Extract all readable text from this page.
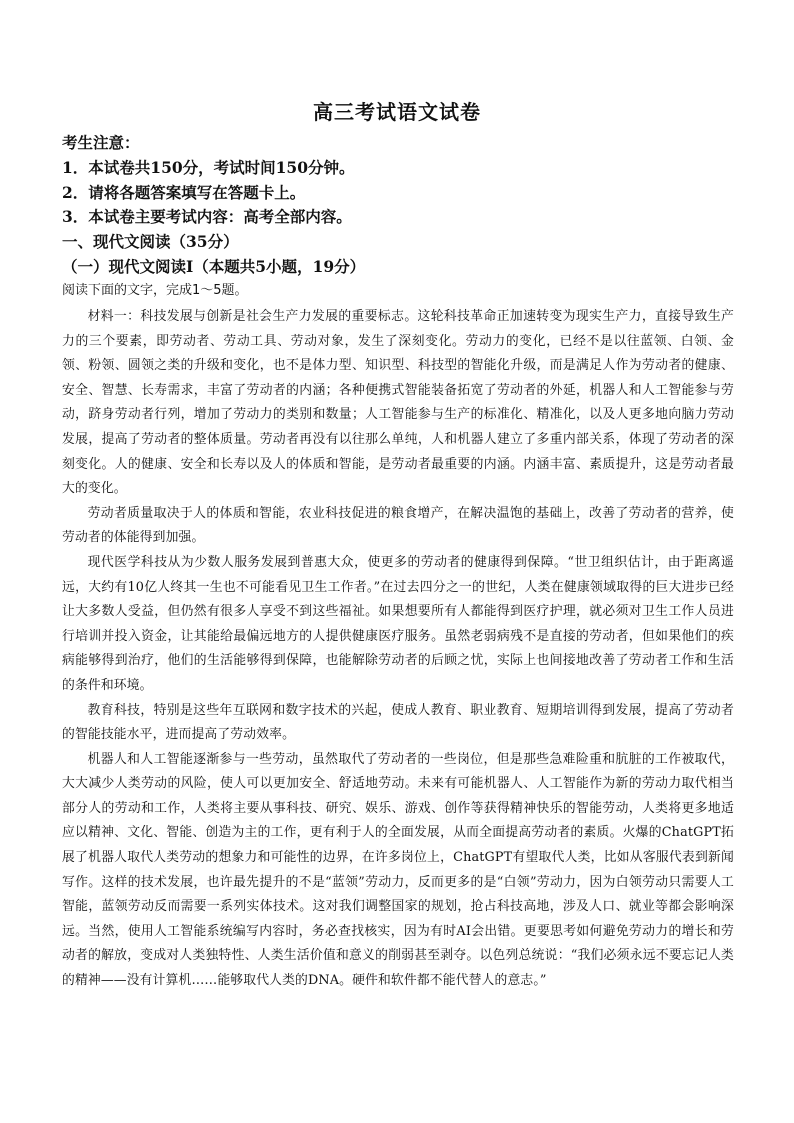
高三考试语文试卷
考生注意：
1．本试卷共150分，考试时间150分钟。
2．请将各题答案填写在答题卡上。
3．本试卷主要考试内容：高考全部内容。
一、现代文阅读（35分）
（一）现代文阅读Ⅰ（本题共5小题，19分）
阅读下面的文字，完成1～5题。

材料一：科技发展与创新是社会生产力发展的重要标志。这轮科技革命正加速转变为现实生产力，直接导致生产力的三个要素，即劳动者、劳动工具、劳动对象，发生了深刻变化。劳动力的变化，已经不是以往蓝领、白领、金领、粉领、圆领之类的升级和变化，也不是体力型、知识型、科技型的智能化升级，而是满足人作为劳动者的健康、安全、智慧、长寿需求，丰富了劳动者的内涵；各种便携式智能装备拓宽了劳动者的外延，机器人和人工智能参与劳动，跻身劳动者行列，增加了劳动力的类别和数量；人工智能参与生产的标准化、精准化，以及人更多地向脑力劳动发展，提高了劳动者的整体质量。劳动者再没有以往那么单纯，人和机器人建立了多重内部关系，体现了劳动者的深刻变化。人的健康、安全和长寿以及人的体质和智能，是劳动者最重要的内涵。内涵丰富、素质提升，这是劳动者最大的变化。

劳动者质量取决于人的体质和智能，农业科技促进的粮食增产，在解决温饱的基础上，改善了劳动者的营养，使劳动者的体能得到加强。

现代医学科技从为少数人服务发展到普惠大众，使更多的劳动者的健康得到保障。“世卫组织估计，由于距离遥远，大约有10亿人终其一生也不可能看见卫生工作者。”在过去四分之一的世纪，人类在健康领域取得的巨大进步已经让大多数人受益，但仍然有很多人享受不到这些福祉。如果想要所有人都能得到医疗护理，就必须对卫生工作人员进行培训并投入资金，让其能给最偏远地方的人提供健康医疗服务。虽然老弱病残不是直接的劳动者，但如果他们的疾病能够得到治疗，他们的生活能够得到保障，也能解除劳动者的后顾之忧，实际上也间接地改善了劳动者工作和生活的条件和环境。

教育科技，特别是这些年互联网和数字技术的兴起，使成人教育、职业教育、短期培训得到发展，提高了劳动者的智能技能水平，进而提高了劳动效率。

机器人和人工智能逐渐参与一些劳动，虽然取代了劳动者的一些岗位，但是那些急难险重和肮脏的工作被取代，大大减少人类劳动的风险，使人可以更加安全、舒适地劳动。未来有可能机器人、人工智能作为新的劳动力取代相当部分人的劳动和工作，人类将主要从事科技、研究、娱乐、游戏、创作等获得精神快乐的智能劳动，人类将更多地适应以精神、文化、智能、创造为主的工作，更有利于人的全面发展，从而全面提高劳动者的素质。火爆的ChatGPT拓展了机器人取代人类劳动的想象力和可能性的边界，在许多岗位上，ChatGPT有望取代人类，比如从客服代表到新闻写作。这样的技术发展，也许最先提升的不是“蓝领”劳动力，反而更多的是“白领”劳动力，因为白领劳动只需要人工智能，蓝领劳动反而需要一系列实体技术。这对我们调整国家的规划，抢占科技高地，涉及人口、就业等都会影响深远。当然，使用人工智能系统编写内容时，务必查找核实，因为有时AI会出错。更要思考如何避免劳动力的增长和劳动者的解放，变成对人类独特性、人类生活价值和意义的削弱甚至剥夺。以色列总统说：“我们必须永远不要忘记人类的精神——没有计算机……能够取代人类的DNA。硬件和软件都不能代替人的意志。”
